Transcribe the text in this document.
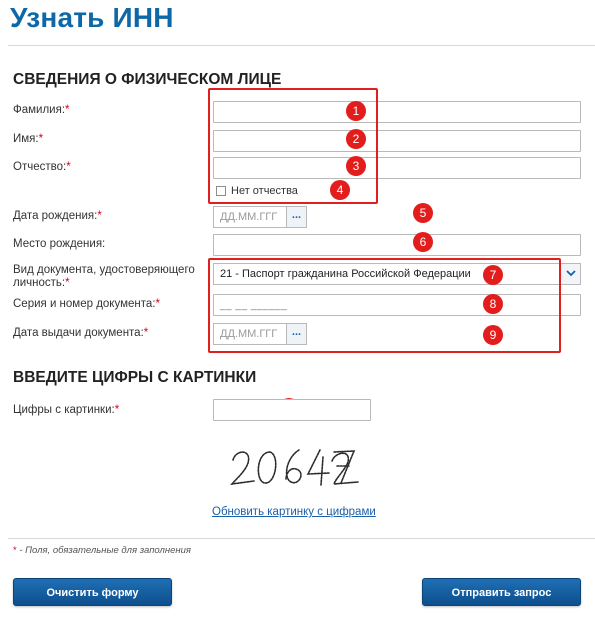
Узнать ИНН
СВЕДЕНИЯ О ФИЗИЧЕСКОМ ЛИЦЕ
Фамилия:*
Имя:*
Отчество:*
Нет отчества
Дата рождения:*	ДД.ММ.ГГГ	...
Место рождения:
Вид документа, удостоверяющего личность:*
21 - Паспорт гражданина Российской Федерации
Серия и номер документа:*	__ __ ______
Дата выдачи документа:*	ДД.ММ.ГГГ	...
1
2
3
4
5
6
7
8
9
ВВЕДИТЕ ЦИФРЫ С КАРТИНКИ
Цифры с картинки:*
Обновить картинку с цифрами
* - Поля, обязательные для заполнения
Очистить форму	Отправить запрос
